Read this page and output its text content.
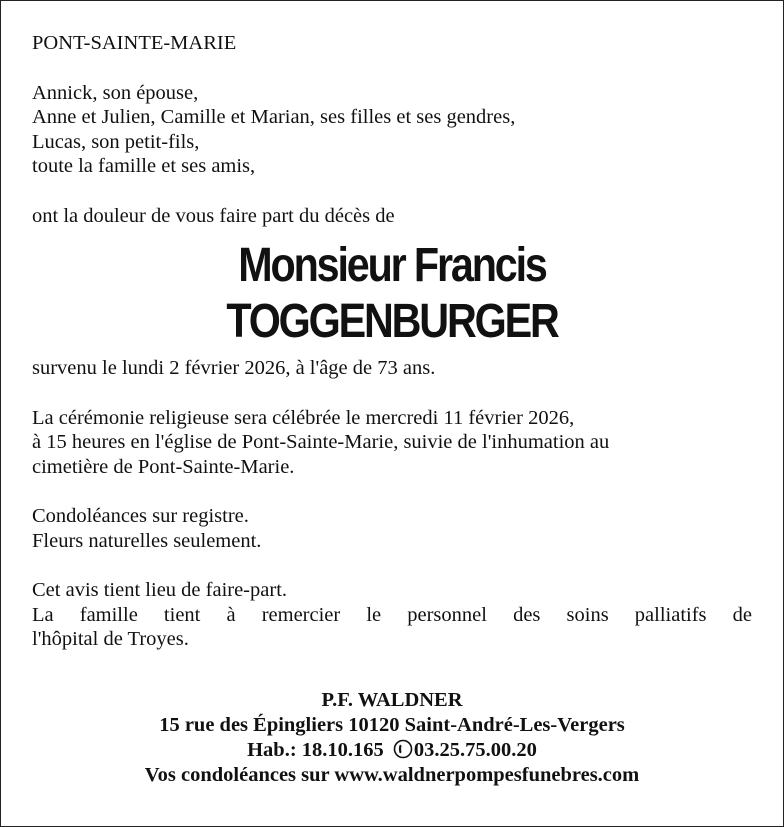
PONT-SAINTE-MARIE
Annick, son épouse,
Anne et Julien, Camille et Marian, ses filles et ses gendres,
Lucas, son petit-fils,
toute la famille et ses amis,
ont la douleur de vous faire part du décès de
Monsieur Francis
TOGGENBURGER
survenu le lundi 2 février 2026, à l'âge de 73 ans.
La cérémonie religieuse sera célébrée le mercredi 11 février 2026,
à 15 heures en l'église de Pont-Sainte-Marie, suivie de l'inhumation au
cimetière de Pont-Sainte-Marie.
Condoléances sur registre.
Fleurs naturelles seulement.
Cet avis tient lieu de faire-part.
La famille tient à remercier le personnel des soins palliatifs de
l'hôpital de Troyes.
P.F. WALDNER
15 rue des Épingliers 10120 Saint-André-Les-Vergers
Hab.: 18.10.165 03.25.75.00.20
Vos condoléances sur www.waldnerpompesfunebres.com
